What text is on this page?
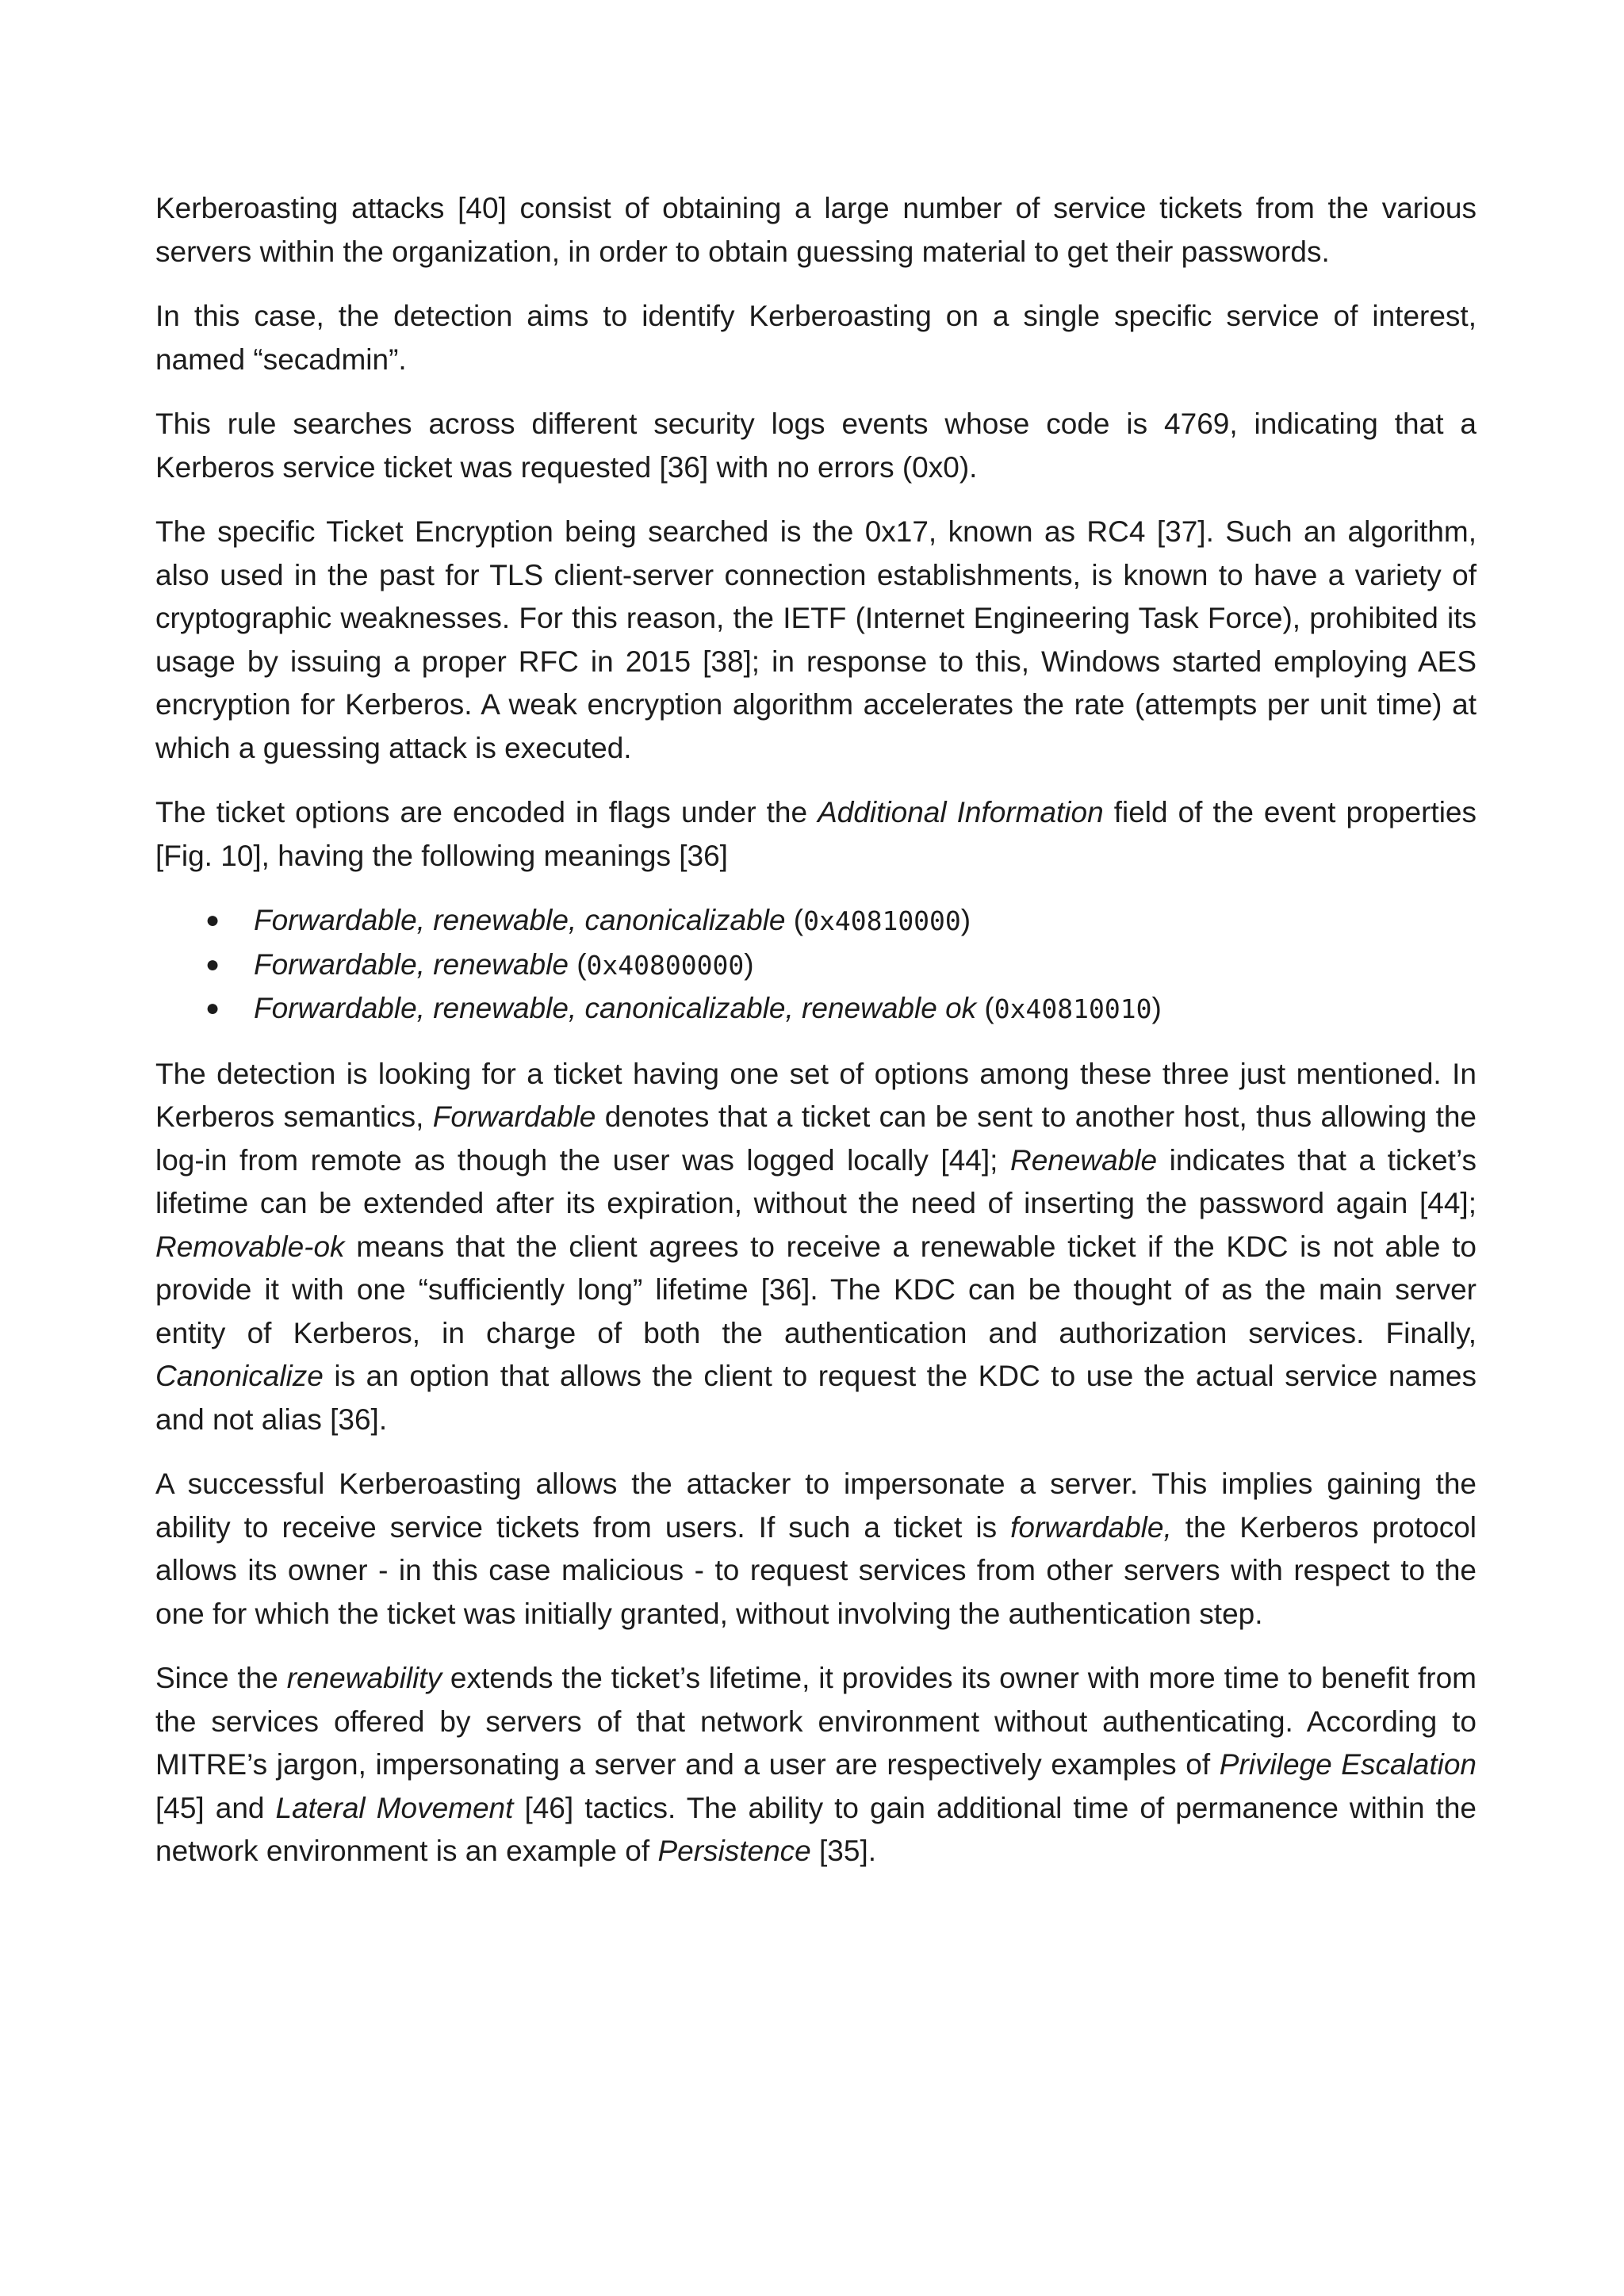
Kerberoasting attacks [40] consist of obtaining a large number of service tickets from the various servers within the organization, in order to obtain guessing material to get their passwords.

In this case, the detection aims to identify Kerberoasting on a single specific service of interest, named “secadmin”.

This rule searches across different security logs events whose code is 4769, indicating that a Kerberos service ticket was requested [36] with no errors (0x0).

The specific Ticket Encryption being searched is the 0x17, known as RC4 [37]. Such an algorithm, also used in the past for TLS client-server connection establishments, is known to have a variety of cryptographic weaknesses. For this reason, the IETF (Internet Engineering Task Force), prohibited its usage by issuing a proper RFC in 2015 [38]; in response to this, Windows started employing AES encryption for Kerberos. A weak encryption algorithm accelerates the rate (attempts per unit time) at which a guessing attack is executed.

The ticket options are encoded in flags under the Additional Information field of the event properties [Fig. 10], having the following meanings [36]

● Forwardable, renewable, canonicalizable (0x40810000)
● Forwardable, renewable (0x40800000)
● Forwardable, renewable, canonicalizable, renewable ok (0x40810010)

The detection is looking for a ticket having one set of options among these three just mentioned. In Kerberos semantics, Forwardable denotes that a ticket can be sent to another host, thus allowing the log-in from remote as though the user was logged locally [44]; Renewable indicates that a ticket’s lifetime can be extended after its expiration, without the need of inserting the password again [44]; Removable-ok means that the client agrees to receive a renewable ticket if the KDC is not able to provide it with one “sufficiently long” lifetime [36]. The KDC can be thought of as the main server entity of Kerberos, in charge of both the authentication and authorization services. Finally, Canonicalize is an option that allows the client to request the KDC to use the actual service names and not alias [36].

A successful Kerberoasting allows the attacker to impersonate a server. This implies gaining the ability to receive service tickets from users. If such a ticket is forwardable, the Kerberos protocol allows its owner - in this case malicious - to request services from other servers with respect to the one for which the ticket was initially granted, without involving the authentication step.

Since the renewability extends the ticket’s lifetime, it provides its owner with more time to benefit from the services offered by servers of that network environment without authenticating. According to MITRE’s jargon, impersonating a server and a user are respectively examples of Privilege Escalation [45] and Lateral Movement [46] tactics. The ability to gain additional time of permanence within the network environment is an example of Persistence [35].
